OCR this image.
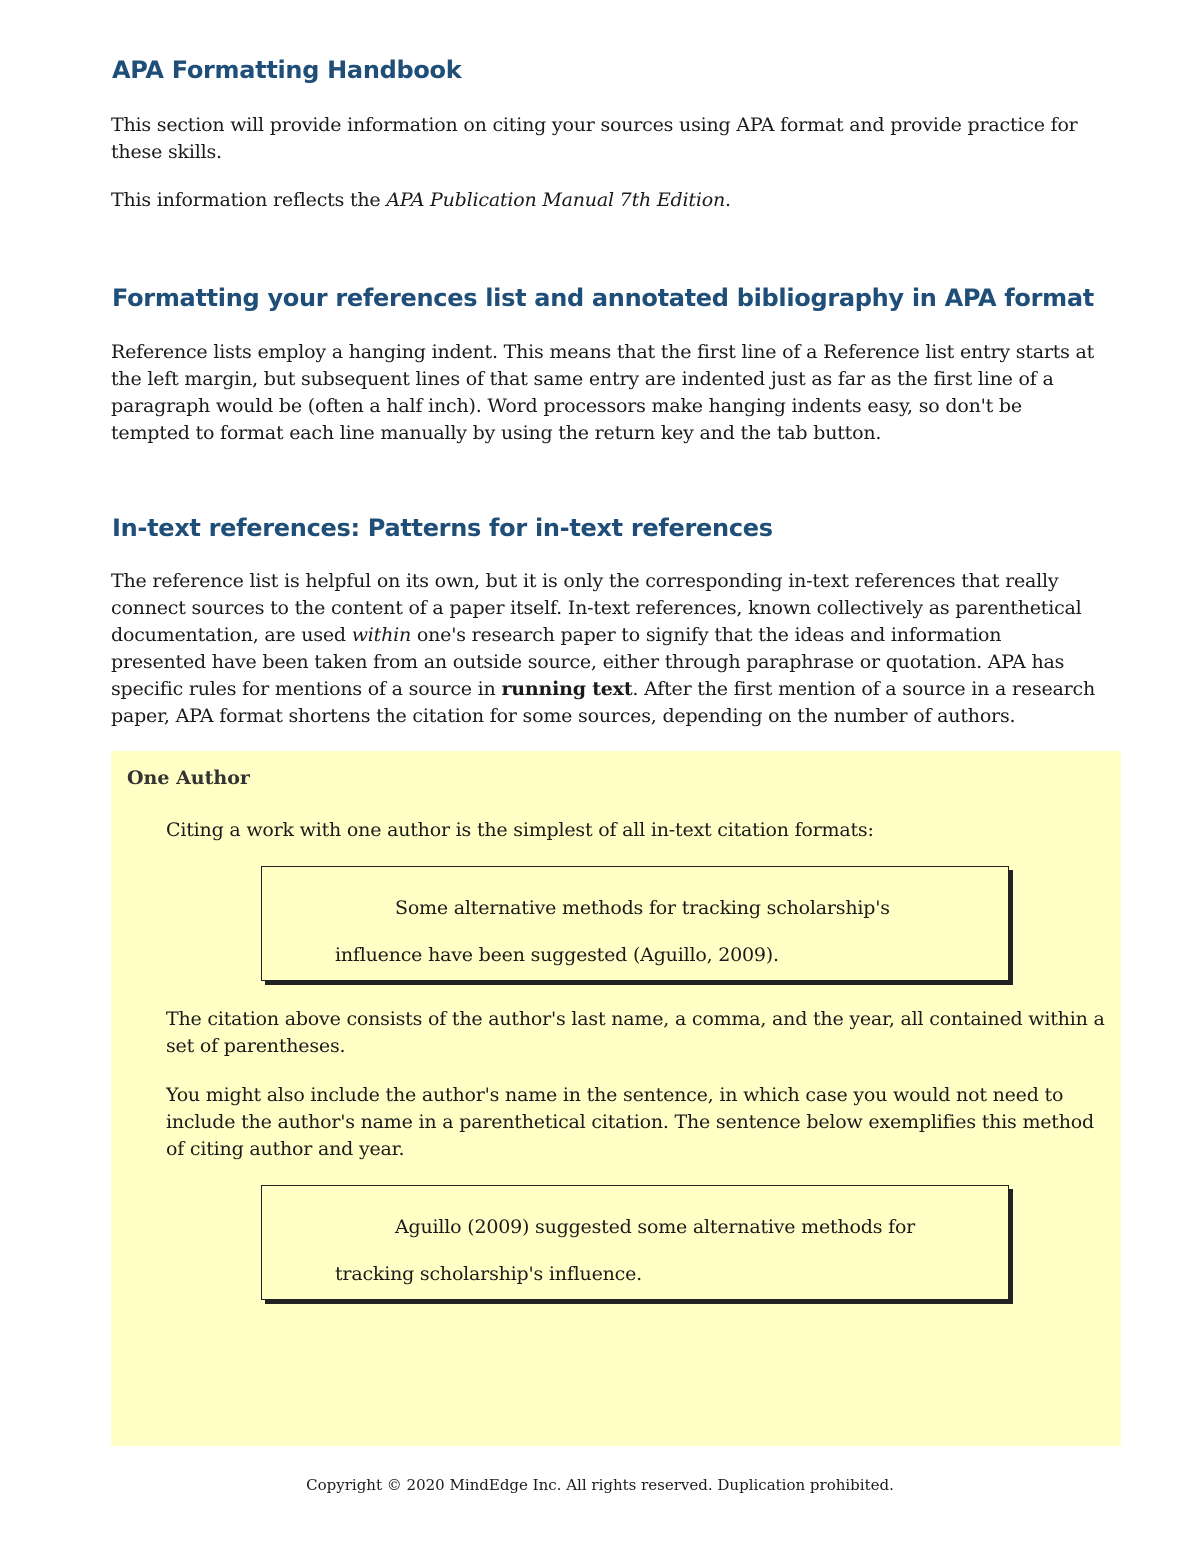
APA Formatting Handbook

This section will provide information on citing your sources using APA format and provide practice for these skills.

This information reflects the APA Publication Manual 7th Edition.

Formatting your references list and annotated bibliography in APA format

Reference lists employ a hanging indent. This means that the first line of a Reference list entry starts at the left margin, but subsequent lines of that same entry are indented just as far as the first line of a paragraph would be (often a half inch). Word processors make hanging indents easy, so don't be tempted to format each line manually by using the return key and the tab button.

In-text references: Patterns for in-text references

The reference list is helpful on its own, but it is only the corresponding in-text references that really connect sources to the content of a paper itself. In-text references, known collectively as parenthetical documentation, are used within one's research paper to signify that the ideas and information presented have been taken from an outside source, either through paraphrase or quotation. APA has specific rules for mentions of a source in running text. After the first mention of a source in a research paper, APA format shortens the citation for some sources, depending on the number of authors.

One Author

Citing a work with one author is the simplest of all in-text citation formats:

Some alternative methods for tracking scholarship's influence have been suggested (Aguillo, 2009).

The citation above consists of the author's last name, a comma, and the year, all contained within a set of parentheses.

You might also include the author's name in the sentence, in which case you would not need to include the author's name in a parenthetical citation. The sentence below exemplifies this method of citing author and year.

Aguillo (2009) suggested some alternative methods for tracking scholarship's influence.

Copyright © 2020 MindEdge Inc. All rights reserved. Duplication prohibited.
